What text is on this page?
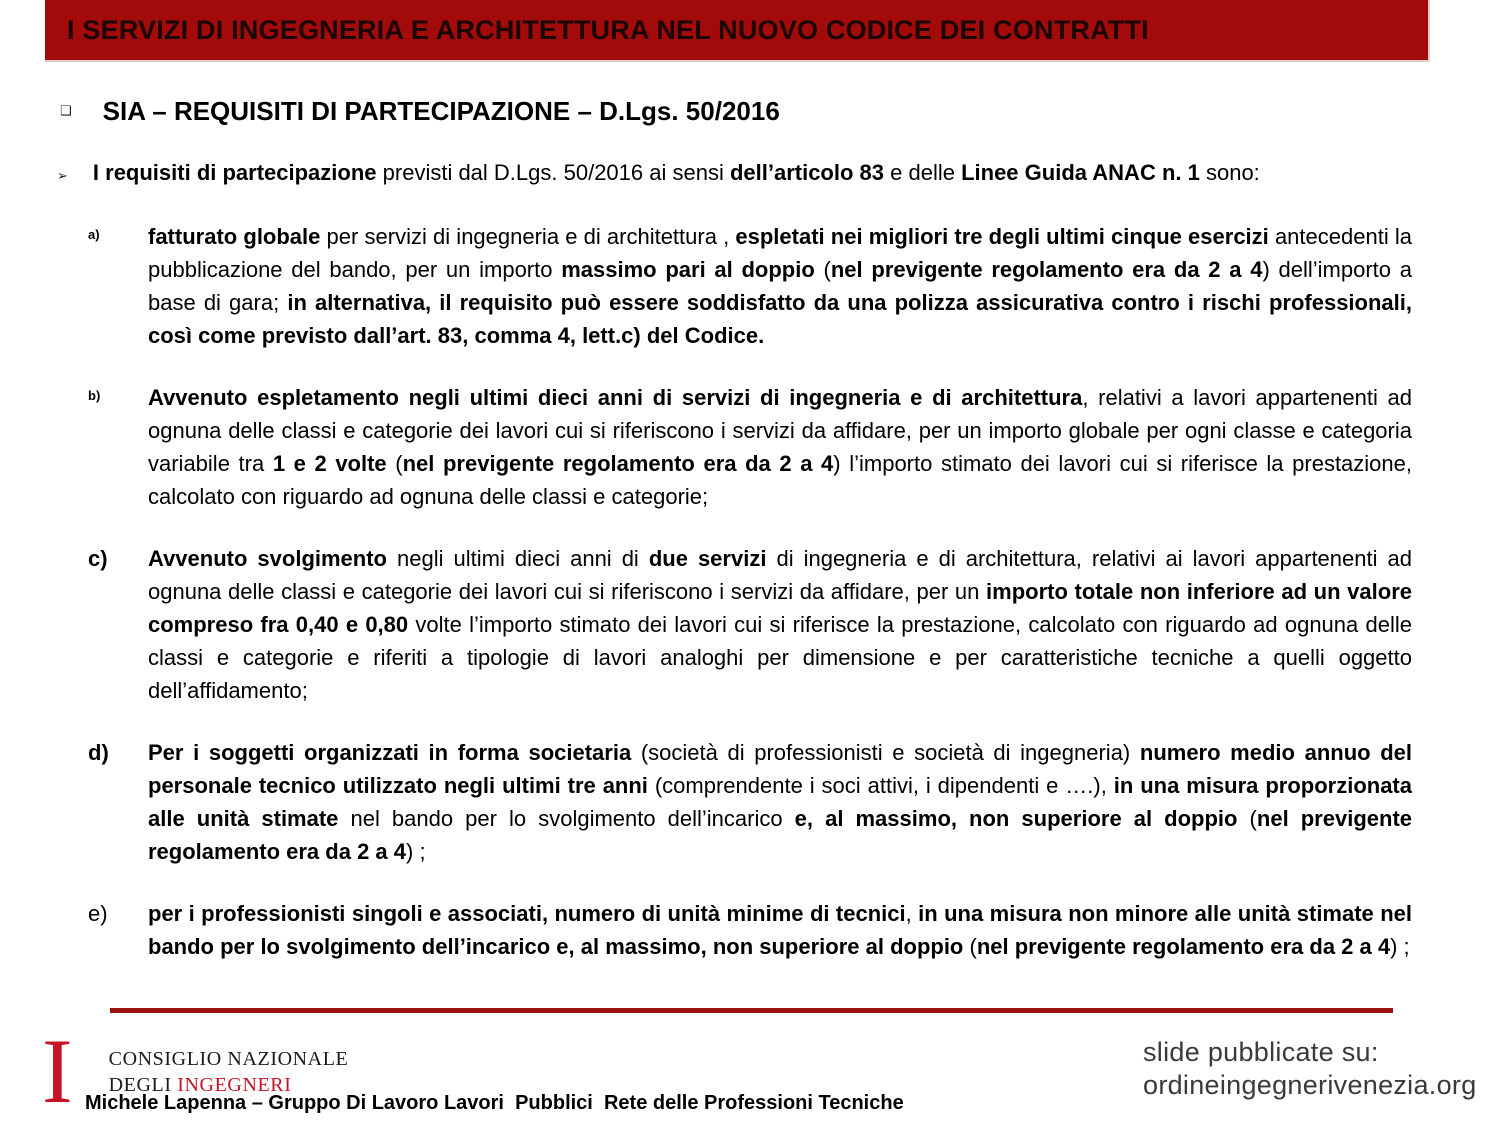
I SERVIZI DI INGEGNERIA E ARCHITETTURA NEL NUOVO CODICE DEI CONTRATTI
❑ SIA – REQUISITI DI PARTECIPAZIONE – D.Lgs. 50/2016
➢ I requisiti di partecipazione previsti dal D.Lgs. 50/2016 ai sensi dell’articolo 83 e delle Linee Guida ANAC n. 1 sono:
a)	fatturato globale per servizi di ingegneria e di architettura , espletati nei migliori tre degli ultimi cinque esercizi antecedenti la pubblicazione del bando, per un importo massimo pari al doppio (nel previgente regolamento era da 2 a 4) dell’importo a base di gara; in alternativa, il requisito può essere soddisfatto da una polizza assicurativa contro i rischi professionali, così come previsto dall’art. 83, comma 4, lett.c) del Codice.
b)	Avvenuto espletamento negli ultimi dieci anni di servizi di ingegneria e di architettura, relativi a lavori appartenenti ad ognuna delle classi e categorie dei lavori cui si riferiscono i servizi da affidare, per un importo globale per ogni classe e categoria variabile tra 1 e 2 volte (nel previgente regolamento era da 2 a 4) l’importo stimato dei lavori cui si riferisce la prestazione, calcolato con riguardo ad ognuna delle classi e categorie;
c)	Avvenuto svolgimento negli ultimi dieci anni di due servizi di ingegneria e di architettura, relativi ai lavori appartenenti ad ognuna delle classi e categorie dei lavori cui si riferiscono i servizi da affidare, per un importo totale non inferiore ad un valore compreso fra 0,40 e 0,80 volte l’importo stimato dei lavori cui si riferisce la prestazione, calcolato con riguardo ad ognuna delle classi e categorie e riferiti a tipologie di lavori analoghi per dimensione e per caratteristiche tecniche a quelli oggetto dell’affidamento;
d)	Per i soggetti organizzati in forma societaria (società di professionisti e società di ingegneria) numero medio annuo del personale tecnico utilizzato negli ultimi tre anni (comprendente i soci attivi, i dipendenti e ….), in una misura proporzionata alle unità stimate nel bando per lo svolgimento dell’incarico e, al massimo, non superiore al doppio (nel previgente regolamento era da 2 a 4) ;
e)	per i professionisti singoli e associati, numero di unità minime di tecnici, in una misura non minore alle unità stimate nel bando per lo svolgimento dell’incarico e, al massimo, non superiore al doppio (nel previgente regolamento era da 2 a 4) ;
I CONSIGLIO NAZIONALE
DEGLI INGEGNERI
Michele Lapenna – Gruppo Di Lavoro Lavori  Pubblici  Rete delle Professioni Tecniche
slide pubblicate su:
ordineingegnerivenezia.org
